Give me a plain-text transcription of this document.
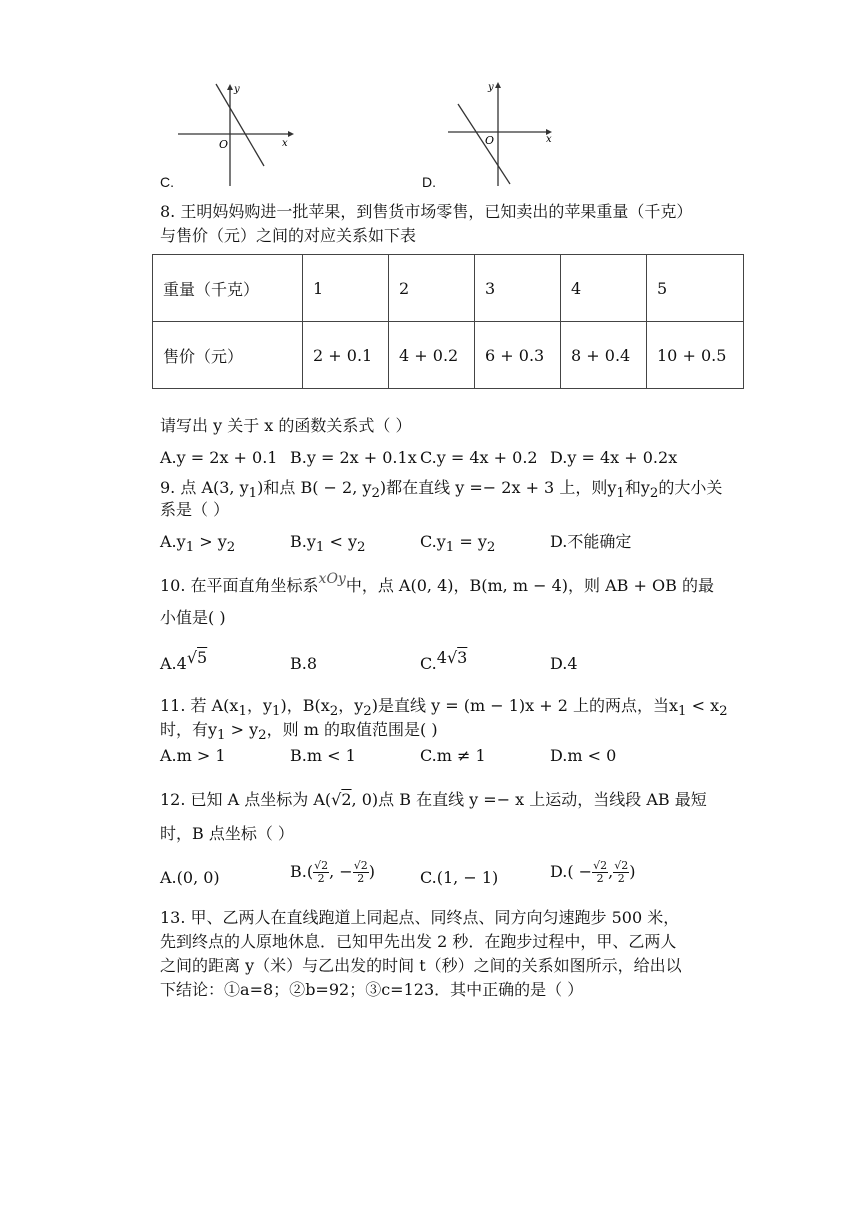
y
x
O
C.
y
x
O
D.
8. 王明妈妈购进一批苹果，到售货市场零售，已知卖出的苹果重量（千克）
与售价（元）之间的对应关系如下表
重量（千克）	1	2	3	4	5
售价（元）	2 + 0.1	4 + 0.2	6 + 0.3	8 + 0.4	10 + 0.5
请写出 y 关于 x 的函数关系式（ ）
A.y = 2x + 0.1 B.y = 2x + 0.1x C.y = 4x + 0.2 D.y = 4x + 0.2x
9. 点 A(3, $y_1$)和点 B( − 2, $y_2$)都在直线 y =− 2x + 3 上，则$y_1$和$y_2$的大小关
系是（ ）
$A.y_1 > y_2$	$B.y_1 < y_2$	$C.y_1 = y_2$	D.不能确定
10. 在平面直角坐标系xOy中，点 A(0, 4)，B(m, m − 4)，则 AB + OB 的最
小值是( )
A.4√5	B.8	C.4√3	D.4
11. 若 $A(x_1$，$y_1$)，$B(x_2$，$y_2$)是直线 y = (m − 1)x + 2 上的两点，当$x_1 < x_2$
时，有$y_1 > y_2$，则 m 的取值范围是( )
A.m > 1	B.m < 1	C.m ≠ 1	D.m < 0
12. 已知 A 点坐标为 A(√2, 0)点 B 在直线 y =− x 上运动，当线段 AB 最短
时，B 点坐标（ ）
A.(0, 0)	$B.( \frac{√2}{2}$ , − $\frac{√2}{2}$ )	C.(1, − 1)	$D.( - \frac{√2}{2}$ , $\frac{√2}{2}$ )
13. 甲、乙两人在直线跑道上同起点、同终点、同方向匀速跑步 500 米，
先到终点的人原地休息．已知甲先出发 2 秒．在跑步过程中，甲、乙两人
之间的距离 y（米）与乙出发的时间 t（秒）之间的关系如图所示，给出以
下结论：①a=8；②b=92；③c=123．其中正确的是（ ）
